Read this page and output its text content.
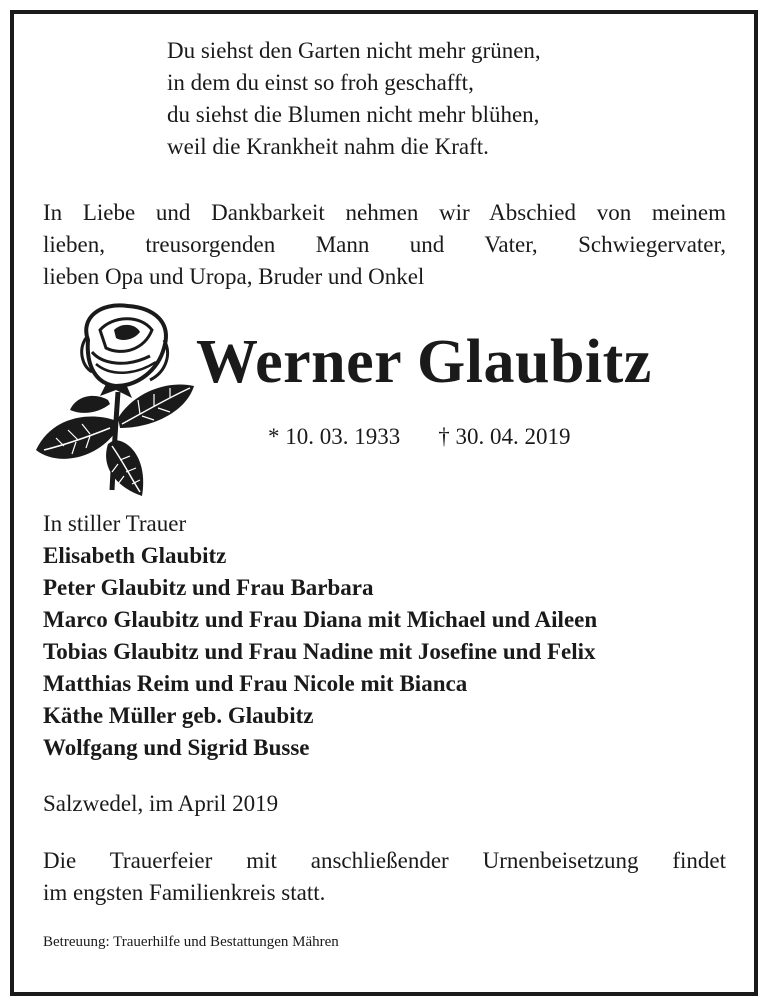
Du siehst den Garten nicht mehr grünen,
in dem du einst so froh geschafft,
du siehst die Blumen nicht mehr blühen,
weil die Krankheit nahm die Kraft.
In Liebe und Dankbarkeit nehmen wir Abschied von meinem
lieben, treusorgenden Mann und Vater, Schwiegervater,
lieben Opa und Uropa, Bruder und Onkel
Werner Glaubitz
* 10. 03. 1933 † 30. 04. 2019
In stiller Trauer
Elisabeth Glaubitz
Peter Glaubitz und Frau Barbara
Marco Glaubitz und Frau Diana mit Michael und Aileen
Tobias Glaubitz und Frau Nadine mit Josefine und Felix
Matthias Reim und Frau Nicole mit Bianca
Käthe Müller geb. Glaubitz
Wolfgang und Sigrid Busse
Salzwedel, im April 2019
Die Trauerfeier mit anschließender Urnenbeisetzung findet
im engsten Familienkreis statt.
Betreuung: Trauerhilfe und Bestattungen Mähren
